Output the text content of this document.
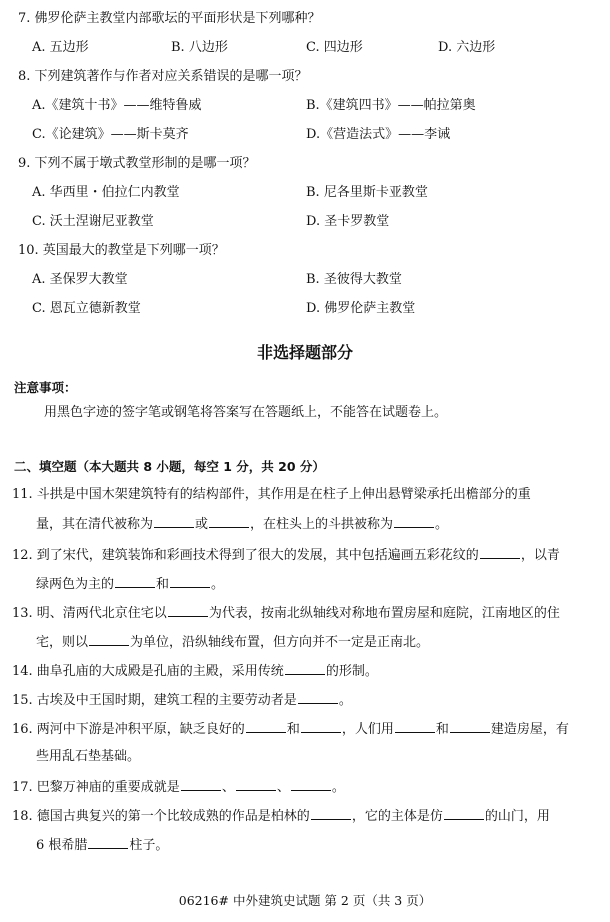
7. 佛罗伦萨主教堂内部歌坛的平面形状是下列哪种？
A. 五边形	B. 八边形	C. 四边形	D. 六边形
8. 下列建筑著作与作者对应关系错误的是哪一项？
A.《建筑十书》——维特鲁威	B.《建筑四书》——帕拉第奥
C.《论建筑》——斯卡莫齐	D.《营造法式》——李诫
9. 下列不属于墩式教堂形制的是哪一项？
A. 华西里・伯拉仁内教堂	B. 尼各里斯卡亚教堂
C. 沃土涅谢尼亚教堂	D. 圣卡罗教堂
10. 英国最大的教堂是下列哪一项？
A. 圣保罗大教堂	B. 圣彼得大教堂
C. 恩瓦立德新教堂	D. 佛罗伦萨主教堂
非选择题部分
注意事项：
用黑色字迹的签字笔或钢笔将答案写在答题纸上，不能答在试题卷上。
二、填空题（本大题共 8 小题，每空 1 分，共 20 分）
11. 斗拱是中国木架建筑特有的结构部件，其作用是在柱子上伸出悬臂梁承托出檐部分的重
量，其在清代被称为	或	，在柱头上的斗拱被称为	。
12. 到了宋代，建筑装饰和彩画技术得到了很大的发展，其中包括遍画五彩花纹的	，以青
绿两色为主的	和	。
13. 明、清两代北京住宅以	为代表，按南北纵轴线对称地布置房屋和庭院，江南地区的住
宅，则以	为单位，沿纵轴线布置，但方向并不一定是正南北。
14. 曲阜孔庙的大成殿是孔庙的主殿，采用传统	的形制。
15. 古埃及中王国时期，建筑工程的主要劳动者是	。
16. 两河中下游是冲积平原，缺乏良好的	和	，人们用	和	建造房屋，有
些用乱石垫基础。
17. 巴黎万神庙的重要成就是	、	、	。
18. 德国古典复兴的第一个比较成熟的作品是柏林的	，它的主体是仿	的山门，用
6 根希腊	柱子。
06216# 中外建筑史试题 第 2 页（共 3 页）
